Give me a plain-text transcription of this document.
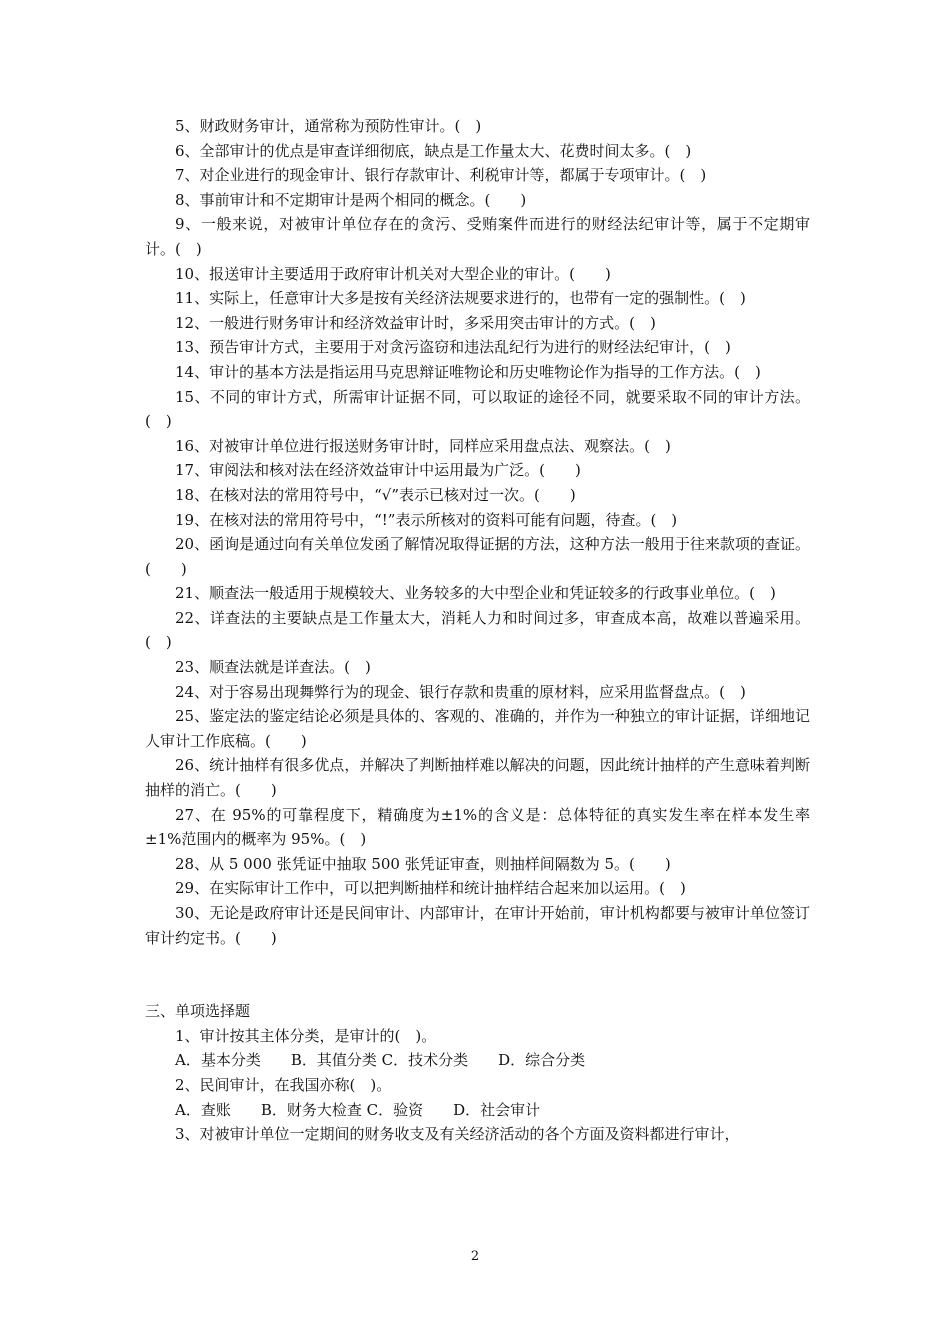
5、财政财务审计，通常称为预防性审计。(　)

6、全部审计的优点是审查详细彻底，缺点是工作量太大、花费时间太多。(　)

7、对企业进行的现金审计、银行存款审计、利税审计等，都属于专项审计。(　)

8、事前审计和不定期审计是两个相同的概念。(　　)

9、一般来说，对被审计单位存在的贪污、受贿案件而进行的财经法纪审计等，属于不定期审计。(　)

10、报送审计主要适用于政府审计机关对大型企业的审计。(　　)

11、实际上，任意审计大多是按有关经济法规要求进行的，也带有一定的强制性。(　)

12、一般进行财务审计和经济效益审计时，多采用突击审计的方式。(　)

13、预告审计方式，主要用于对贪污盗窃和违法乱纪行为进行的财经法纪审计，(　)

14、审计的基本方法是指运用马克思辩证唯物论和历史唯物论作为指导的工作方法。(　)

15、不同的审计方式，所需审计证据不同，可以取证的途径不同，就要采取不同的审计方法。(　)

16、对被审计单位进行报送财务审计时，同样应采用盘点法、观察法。(　)

17、审阅法和核对法在经济效益审计中运用最为广泛。(　　)

18、在核对法的常用符号中，“√”表示已核对过一次。(　　)

19、在核对法的常用符号中，“!”表示所核对的资料可能有问题，待查。(　)

20、函询是通过向有关单位发函了解情况取得证据的方法，这种方法一般用于往来款项的查证。(　　)

21、顺查法一般适用于规模较大、业务较多的大中型企业和凭证较多的行政事业单位。(　)

22、详查法的主要缺点是工作量太大，消耗人力和时间过多，审查成本高，故难以普遍采用。(　)

23、顺查法就是详查法。(　)

24、对于容易出现舞弊行为的现金、银行存款和贵重的原材料，应采用监督盘点。(　)

25、鉴定法的鉴定结论必须是具体的、客观的、准确的，并作为一种独立的审计证据，详细地记人审计工作底稿。(　　)

26、统计抽样有很多优点，并解决了判断抽样难以解决的问题，因此统计抽样的产生意味着判断抽样的消亡。(　　)

27、在 95%的可靠程度下，精确度为±1%的含义是：总体特征的真实发生率在样本发生率±1%范围内的概率为 95%。(　)

28、从 5 000 张凭证中抽取 500 张凭证审查，则抽样间隔数为 5。(　　)

29、在实际审计工作中，可以把判断抽样和统计抽样结合起来加以运用。(　)

30、无论是政府审计还是民间审计、内部审计，在审计开始前，审计机构都要与被审计单位签订审计约定书。(　　)

三、单项选择题

1、审计按其主体分类，是审计的(　)。

A．基本分类　　B．其值分类 C．技术分类　　D．综合分类

2、民间审计，在我国亦称(　)。

A．查账　　B．财务大检查 C．验资　　D．社会审计

3、对被审计单位一定期间的财务收支及有关经济活动的各个方面及资料都进行审计，

2
